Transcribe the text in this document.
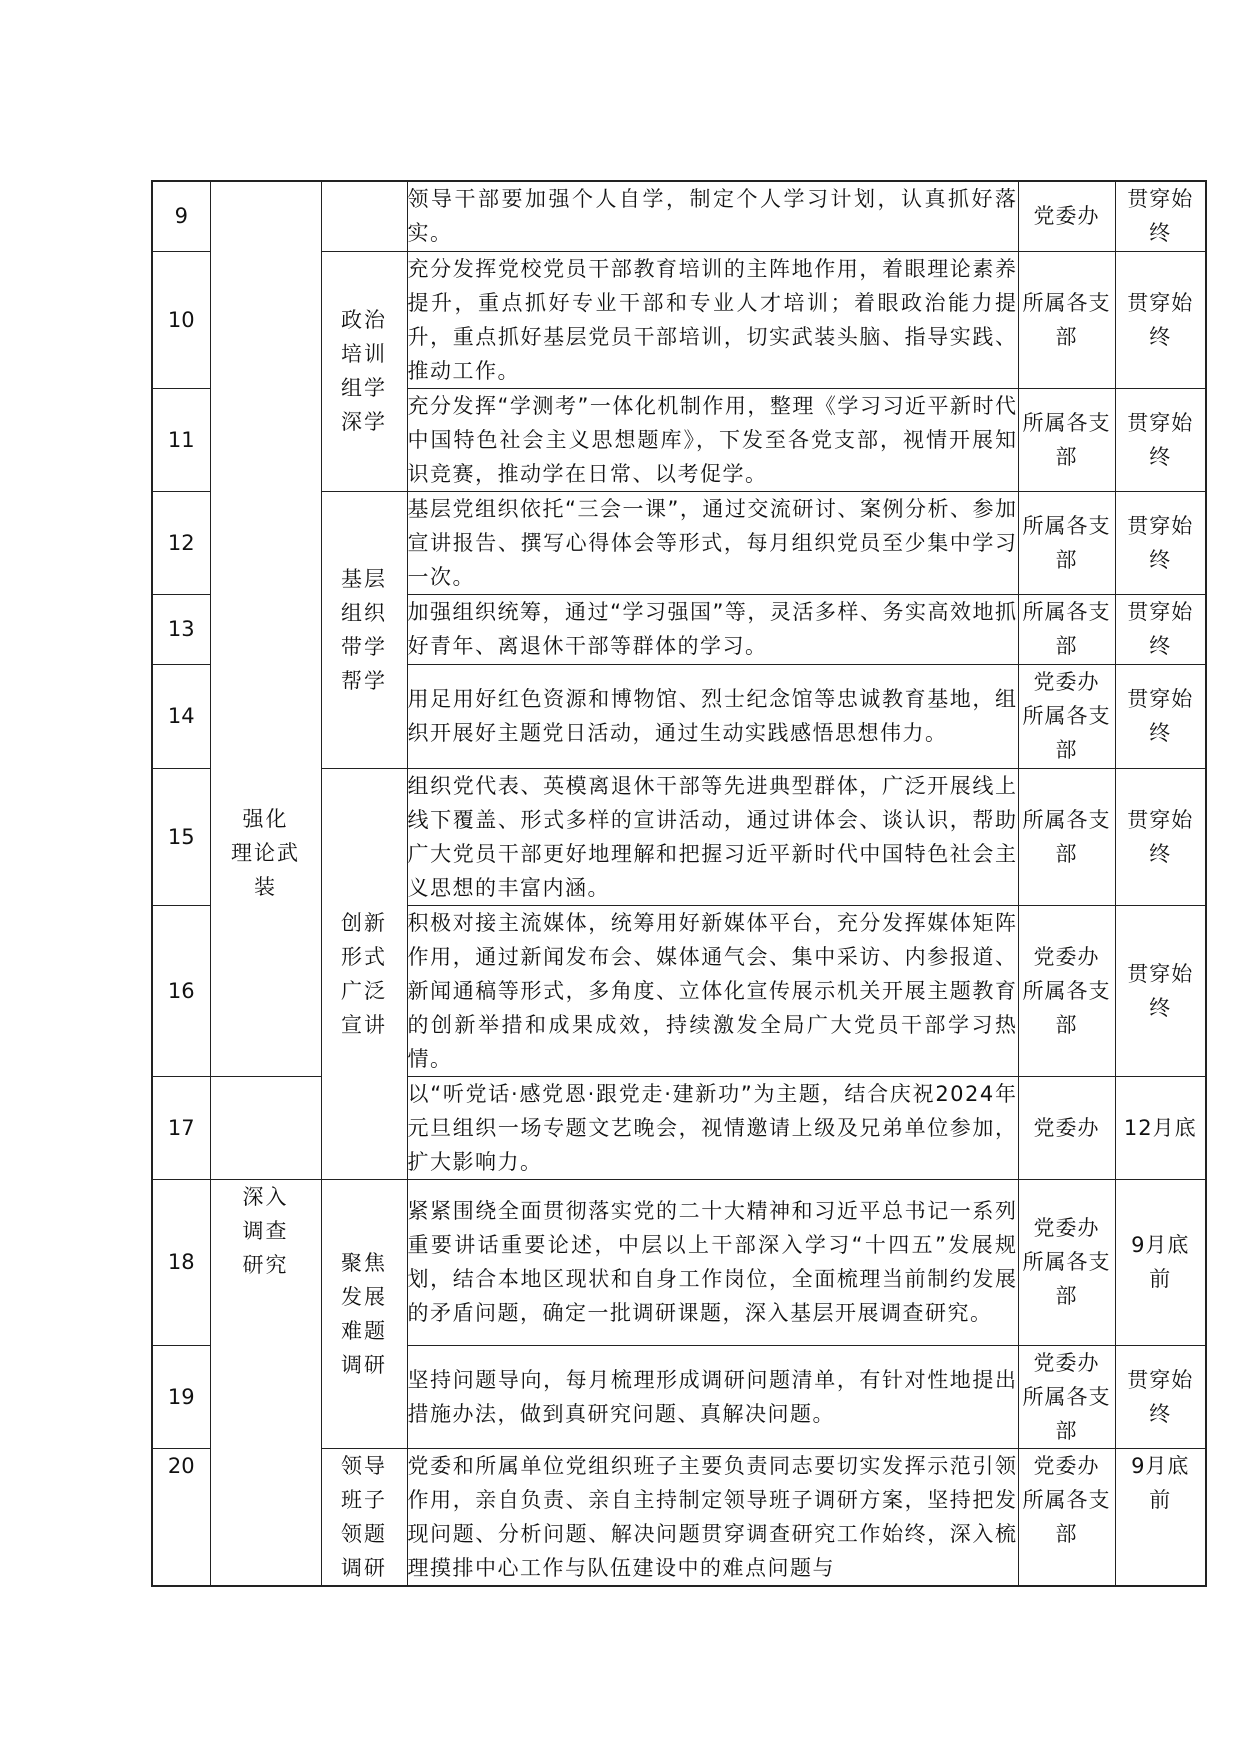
9	强化
理论武
装		领导干部要加强个人自学，制定个人学习计划，认真抓好落实。	党委办	贯穿始
终
10		政治
培训
组学
深学	充分发挥党校党员干部教育培训的主阵地作用，着眼理论素养提升，重点抓好专业干部和专业人才培训；着眼政治能力提升，重点抓好基层党员干部培训，切实武装头脑、指导实践、推动工作。	所属各支
部	贯穿始
终
11			充分发挥“学测考”一体化机制作用，整理《学习习近平新时代中国特色社会主义思想题库》，下发至各党支部，视情开展知识竞赛，推动学在日常、以考促学。	所属各支
部	贯穿始
终
12		基层
组织
带学
帮学	基层党组织依托“三会一课”，通过交流研讨、案例分析、参加宣讲报告、撰写心得体会等形式，每月组织党员至少集中学习一次。	所属各支
部	贯穿始
终
13			加强组织统筹，通过“学习强国”等，灵活多样、务实高效地抓好青年、离退休干部等群体的学习。	所属各支
部	贯穿始
终
14			用足用好红色资源和博物馆、烈士纪念馆等忠诚教育基地，组织开展好主题党日活动，通过生动实践感悟思想伟力。	党委办
所属各支
部	贯穿始
终
15		创新
形式
广泛
宣讲	组织党代表、英模离退休干部等先进典型群体，广泛开展线上线下覆盖、形式多样的宣讲活动，通过讲体会、谈认识，帮助广大党员干部更好地理解和把握习近平新时代中国特色社会主义思想的丰富内涵。	所属各支
部	贯穿始
终
16			积极对接主流媒体，统筹用好新媒体平台，充分发挥媒体矩阵作用，通过新闻发布会、媒体通气会、集中采访、内参报道、新闻通稿等形式，多角度、立体化宣传展示机关开展主题教育的创新举措和成果成效，持续激发全局广大党员干部学习热情。	党委办
所属各支
部	贯穿始
终
17			以“听党话·感党恩·跟党走·建新功”为主题，结合庆祝2024年元旦组织一场专题文艺晚会，视情邀请上级及兄弟单位参加，扩大影响力。	党委办	12月底
18	深入
调查
研究	聚焦
发展
难题
调研	紧紧围绕全面贯彻落实党的二十大精神和习近平总书记一系列重要讲话重要论述，中层以上干部深入学习“十四五”发展规划，结合本地区现状和自身工作岗位，全面梳理当前制约发展的矛盾问题，确定一批调研课题，深入基层开展调查研究。	党委办
所属各支
部	9月底
前
19			坚持问题导向，每月梳理形成调研问题清单，有针对性地提出措施办法，做到真研究问题、真解决问题。	党委办
所属各支
部	贯穿始
终
20		领导
班子
领题
调研	党委和所属单位党组织班子主要负责同志要切实发挥示范引领作用，亲自负责、亲自主持制定领导班子调研方案，坚持把发现问题、分析问题、解决问题贯穿调查研究工作始终，深入梳理摸排中心工作与队伍建设中的难点问题与	党委办
所属各支
部	9月底
前
